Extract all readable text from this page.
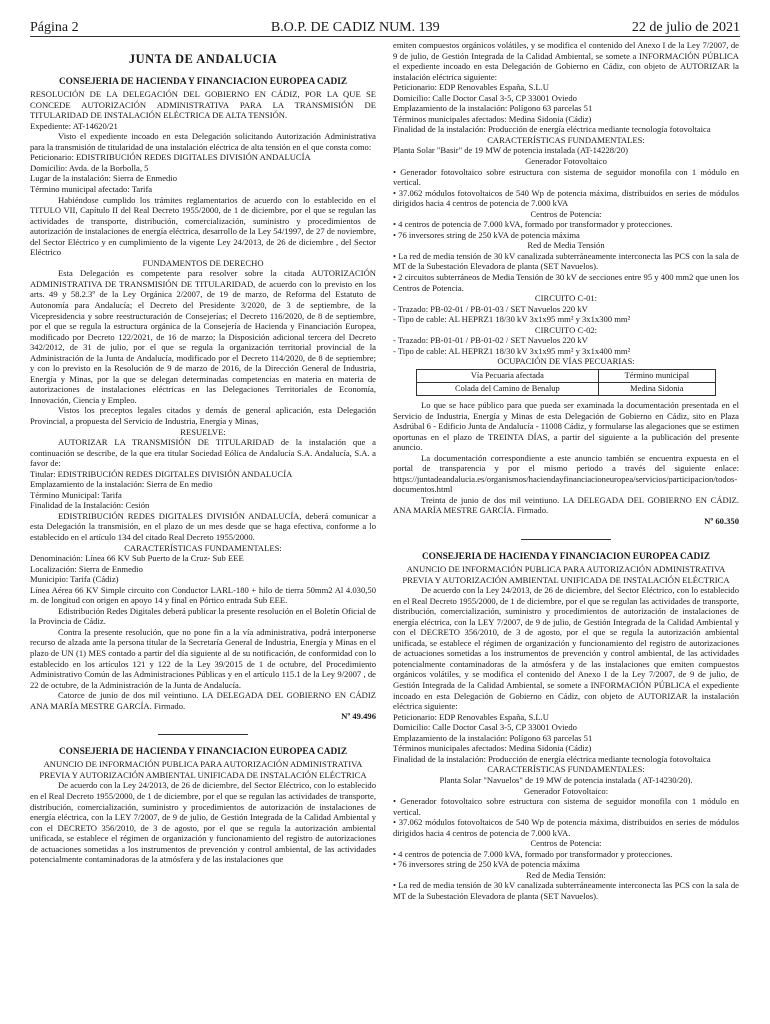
Página 2	B.O.P. DE CADIZ NUM. 139	22 de julio de 2021
JUNTA DE ANDALUCIA
CONSEJERIA DE HACIENDA Y FINANCIACION EUROPEA CADIZ

RESOLUCIÓN DE LA DELEGACIÓN DEL GOBIERNO EN CÁDIZ, POR LA QUE SE CONCEDE AUTORIZACIÓN ADMINISTRATIVA PARA LA TRANSMISIÓN DE TITULARIDAD DE INSTALACIÓN ELÉCTRICA DE ALTA TENSIÓN.

Expediente: AT-14620/21

Visto el expediente incoado en esta Delegación solicitando Autorización Administrativa para la transmisión de titularidad de una instalación eléctrica de alta tensión en el que consta como:

Peticionario: EDISTRIBUCIÓN REDES DIGITALES DIVISIÓN ANDALUCÍA

Domicilio: Avda. de la Borbolla, 5

Lugar de la instalación: Sierra de Enmedio

Término municipal afectado: Tarifa

Habiéndose cumplido los trámites reglamentarios de acuerdo con lo establecido en el TITULO VII, Capítulo II del Real Decreto 1955/2000, de 1 de diciembre, por el que se regulan las actividades de transporte, distribución, comercialización, suministro y procedimientos de autorización de instalaciones de energía eléctrica, desarrollo de la Ley 54/1997, de 27 de noviembre, del Sector Eléctrico y en cumplimiento de la vigente Ley 24/2013, de 26 de diciembre , del Sector Eléctrico

FUNDAMENTOS DE DERECHO

Esta Delegación es competente para resolver sobre la citada AUTORIZACIÓN ADMINISTRATIVA DE TRANSMISIÓN DE TITULARIDAD, de acuerdo con lo previsto en los arts. 49 y 58.2.3º de la Ley Orgánica 2/2007, de 19 de marzo, de Reforma del Estatuto de Autonomía para Andalucía; el Decreto del Presidente 3/2020, de 3 de septiembre, de la Vicepresidencia y sobre reestructuración de Consejerías; el Decreto 116/2020, de 8 de septiembre, por el que se regula la estructura orgánica de la Consejería de Hacienda y Financiación Europea, modificado por Decreto 122/2021, de 16 de marzo; la Disposición adicional tercera del Decreto 342/2012, de 31 de julio, por el que se regula la organización territorial provincial de la Administración de la Junta de Andalucía, modificado por el Decreto 114/2020, de 8 de septiembre; y con lo previsto en la Resolución de 9 de marzo de 2016, de la Dirección General de Industria, Energía y Minas, por la que se delegan determinadas competencias en materia en materia de autorizaciones de instalaciones eléctricas en las Delegaciones Territoriales de Economía, Innovación, Ciencia y Empleo.

Vistos los preceptos legales citados y demás de general aplicación, esta Delegación Provincial, a propuesta del Servicio de Industria, Energía y Minas,

RESUELVE:

AUTORIZAR LA TRANSMISIÓN DE TITULARIDAD de la instalación que a continuación se describe, de la que era titular Sociedad Eólica de Andalucía S.A. Andalucía, S.A. a favor de:

Titular: EDISTRIBUCIÓN REDES DIGITALES DIVISIÓN ANDALUCÍA

Emplazamiento de la instalación: Sierra de En medio

Término Municipal: Tarifa

Finalidad de la Instalación: Cesión

EDISTRIBUCIÓN REDES DIGITALES DIVISIÓN ANDALUCÍA, deberá comunicar a esta Delegación la transmisión, en el plazo de un mes desde que se haga efectiva, conforme a lo establecido en el artículo 134 del citado Real Decreto 1955/2000.

CARACTERÍSTICAS FUNDAMENTALES:

Denominación: Línea 66 KV Sub Puerto de la Cruz- Sub EEE

Localización: Sierra de Enmedio

Municipio: Tarifa (Cádiz)

Línea Aérea 66 KV Simple circuito con Conductor LARL-180 + hilo de tierra 50mm2 Al 4.030,50 m. de longitud con origen en apoyo 14 y final en Pórtico entrada Sub EEE.

Edistribución Redes Digitales deberá publicar la presente resolución en el Boletín Oficial de la Provincia de Cádiz.

Contra la presente resolución, que no pone fin a la vía administrativa, podrá interponerse recurso de alzada ante la persona titular de la Secretaría General de Industria, Energía y Minas en el plazo de UN (1) MES contado a partir del día siguiente al de su notificación, de conformidad con lo establecido en los artículos 121 y 122 de la Ley 39/2015 de 1 de octubre, del Procedimiento Administrativo Común de las Administraciones Públicas y en el artículo 115.1 de la Ley 9/2007 , de 22 de octubre, de la Administración de la Junta de Andalucía.

Catorce de junio de dos mil veintiuno. LA DELEGADA DEL GOBIERNO EN CÁDIZ ANA MARÍA MESTRE GARCÍA. Firmado.

Nº 49.496

CONSEJERIA DE HACIENDA Y FINANCIACION EUROPEA CADIZ

ANUNCIO DE INFORMACIÓN PUBLICA PARA AUTORIZACIÓN ADMINISTRATIVA PREVIA Y AUTORIZACIÓN AMBIENTAL UNIFICADA DE INSTALACIÓN ELÉCTRICA

De acuerdo con la Ley 24/2013, de 26 de diciembre, del Sector Eléctrico, con lo establecido en el Real Decreto 1955/2000, de 1 de diciembre, por el que se regulan las actividades de transporte, distribución, comercialización, suministro y procedimientos de autorización de instalaciones de energía eléctrica, con la LEY 7/2007, de 9 de julio, de Gestión Integrada de la Calidad Ambiental y con el DECRETO 356/2010, de 3 de agosto, por el que se regula la autorización ambiental unificada, se establece el régimen de organización y funcionamiento del registro de autorizaciones de actuaciones sometidas a los instrumentos de prevención y control ambiental, de las actividades potencialmente contaminadoras de la atmósfera y de las instalaciones que

emiten compuestos orgánicos volátiles, y se modifica el contenido del Anexo I de la Ley 7/2007, de 9 de julio, de Gestión Integrada de la Calidad Ambiental, se somete a INFORMACIÓN PÚBLICA el expediente incoado en esta Delegación de Gobierno en Cádiz, con objeto de AUTORIZAR la instalación eléctrica siguiente:

Peticionario: EDP Renovables España, S.L.U

Domicilio: Calle Doctor Casal 3-5, CP 33001 Oviedo

Emplazamiento de la instalación: Polígono 63 parcelas 51

Términos municipales afectados: Medina Sidonia (Cádiz)

Finalidad de la instalación: Producción de energía eléctrica mediante tecnología fotovoltaica

CARACTERÍSTICAS FUNDAMENTALES:

Planta Solar "Basir" de 19 MW de potencia instalada (AT-14228/20)

Generador Fotovoltaico

• Generador fotovoltaico sobre estructura con sistema de seguidor monofila con 1 módulo en vertical.

• 37.062 módulos fotovoltaicos de 540 Wp de potencia máxima, distribuidos en series de módulos dirigidos hacia 4 centros de potencia de 7.000 kVA

Centros de Potencia:

• 4 centros de potencia de 7.000 kVA, formado por transformador y protecciones.

• 76 inversores string de 250 kVA de potencia máxima

Red de Media Tensión

• La red de media tensión de 30 kV canalizada subterráneamente interconecta las PCS con la sala de MT de la Subestación Elevadora de planta (SET Navuelos).

• 2 circuitos subterráneos de Media Tensión de 30 kV de secciones entre 95 y 400 mm2 que unen los Centros de Potencia.

CIRCUITO C-01:

- Trazado: PB-02-01 / PB-01-03 / SET Navuelos 220 kV

- Tipo de cable: AL HEPRZ1 18/30 kV 3x1x95 mm² y 3x1x300 mm²

CIRCUITO C-02:

- Trazado: PB-01-01 / PB-01-02 / SET Navuelos 220 kV

- Tipo de cable: AL HEPRZ1 18/30 kV 3x1x95 mm² y 3x1x400 mm²

OCUPACIÓN DE VÍAS PECUARIAS:

Vía Pecuaria afectada	Término municipal
Colada del Camino de Benalup	Medina Sidonia

Lo que se hace público para que pueda ser examinada la documentación presentada en el Servicio de Industria, Energía y Minas de esta Delegación de Gobierno en Cádiz, sito en Plaza Asdrúbal 6 - Edificio Junta de Andalucía - 11008 Cádiz, y formularse las alegaciones que se estimen oportunas en el plazo de TREINTA DÍAS, a partir del siguiente a la publicación del presente anuncio.

La documentación correspondiente a este anuncio también se encuentra expuesta en el portal de transparencia y por el mismo periodo a través del siguiente enlace: https://juntadeandalucia.es/organismos/haciendayfinanciacioneuropea/servicios/participacion/todos-documentos.html

Treinta de junio de dos mil veintiuno. LA DELEGADA DEL GOBIERNO EN CÁDIZ. ANA MARÍA MESTRE GARCÍA. Firmado.

Nº 60.350

CONSEJERIA DE HACIENDA Y FINANCIACION EUROPEA CADIZ

ANUNCIO DE INFORMACIÓN PUBLICA PARA AUTORIZACIÓN ADMINISTRATIVA PREVIA Y AUTORIZACIÓN AMBIENTAL UNIFICADA DE INSTALACIÓN ELÉCTRICA

De acuerdo con la Ley 24/2013, de 26 de diciembre, del Sector Eléctrico, con lo establecido en el Real Decreto 1955/2000, de 1 de diciembre, por el que se regulan las actividades de transporte, distribución, comercialización, suministro y procedimientos de autorización de instalaciones de energía eléctrica, con la LEY 7/2007, de 9 de julio, de Gestión Integrada de la Calidad Ambiental y con el DECRETO 356/2010, de 3 de agosto, por el que se regula la autorización ambiental unificada, se establece el régimen de organización y funcionamiento del registro de autorizaciones de actuaciones sometidas a los instrumentos de prevención y control ambiental, de las actividades potencialmente contaminadoras de la atmósfera y de las instalaciones que emiten compuestos orgánicos volátiles, y se modifica el contenido del Anexo I de la Ley 7/2007, de 9 de julio, de Gestión Integrada de la Calidad Ambiental, se somete a INFORMACIÓN PÚBLICA el expediente incoado en esta Delegación de Gobierno en Cádiz, con objeto de AUTORIZAR la instalación eléctrica siguiente:

Peticionario: EDP Renovables España, S.L.U

Domicilio: Calle Doctor Casal 3-5, CP 33001 Oviedo

Emplazamiento de la instalación: Polígono 63 parcelas 51

Términos municipales afectados: Medina Sidonia (Cádiz)

Finalidad de la instalación: Producción de energía eléctrica mediante tecnología fotovoltaica

CARACTERÍSTICAS FUNDAMENTALES:

Planta Solar "Navuelos" de 19 MW de potencia instalada ( AT-14230/20).

Generador Fotovoltaico:

• Generador fotovoltaico sobre estructura con sistema de seguidor monofila con 1 módulo en vertical.

• 37.062 módulos fotovoltaicos de 540 Wp de potencia máxima, distribuidos en series de módulos dirigidos hacia 4 centros de potencia de 7.000 kVA.

Centros de Potencia:

• 4 centros de potencia de 7.000 kVA, formado por transformador y protecciones.

• 76 inversores string de 250 kVA de potencia máxima

Red de Media Tensión:

• La red de media tensión de 30 kV canalizada subterráneamente interconecta las PCS con la sala de MT de la Subestación Elevadora de planta (SET Navuelos).
